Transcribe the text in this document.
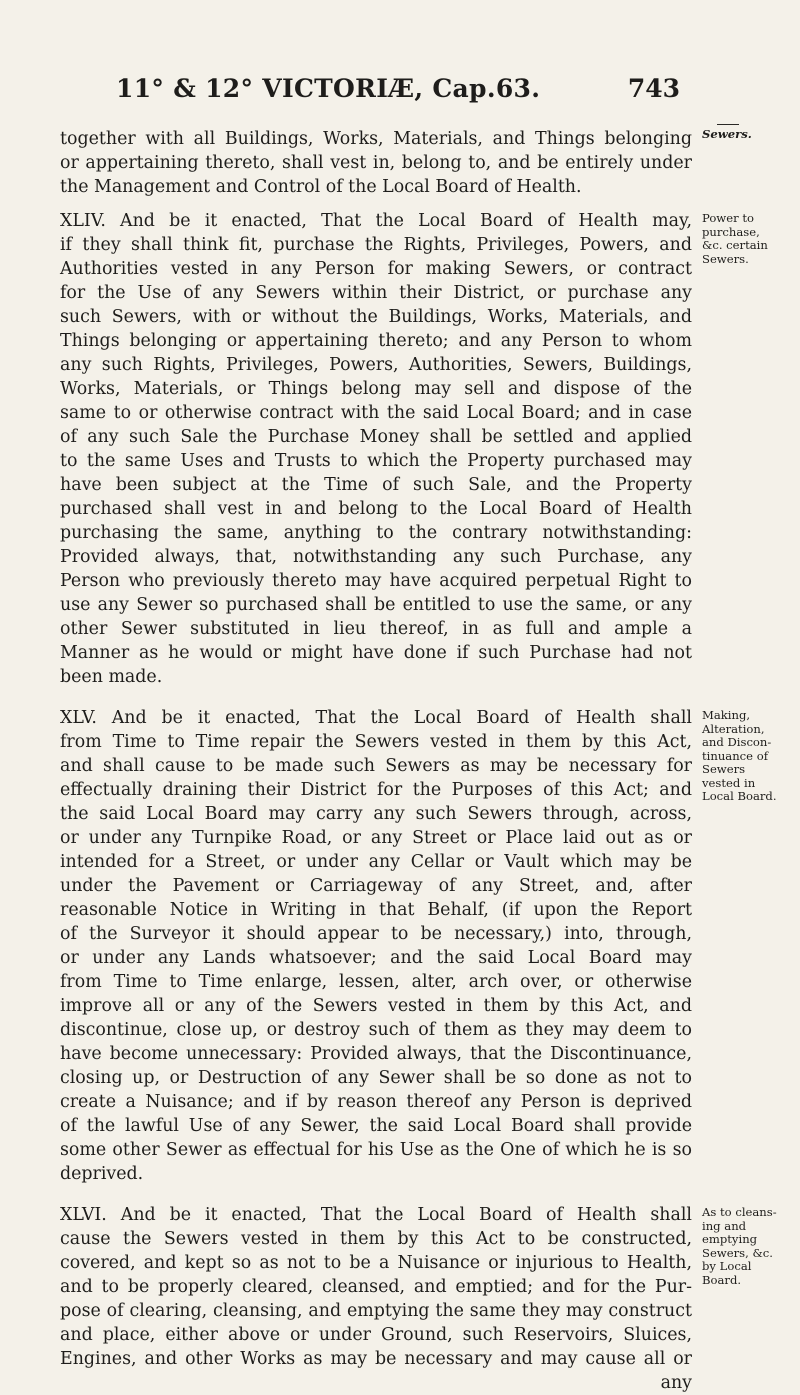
11° & 12° VICTORIÆ, Cap.63.	743
together with all Buildings, Works, Materials, and Things belonging
or appertaining thereto, shall vest in, belong to, and be entirely under
the Management and Control of the Local Board of Health.
XLIV. And be it enacted, That the Local Board of Health may,
if they shall think fit, purchase the Rights, Privileges, Powers, and
Authorities vested in any Person for making Sewers, or contract
for the Use of any Sewers within their District, or purchase any
such Sewers, with or without the Buildings, Works, Materials, and
Things belonging or appertaining thereto; and any Person to whom
any such Rights, Privileges, Powers, Authorities, Sewers, Buildings,
Works, Materials, or Things belong may sell and dispose of the
same to or otherwise contract with the said Local Board; and in case
of any such Sale the Purchase Money shall be settled and applied
to the same Uses and Trusts to which the Property purchased may
have been subject at the Time of such Sale, and the Property
purchased shall vest in and belong to the Local Board of Health
purchasing the same, anything to the contrary notwithstanding:
Provided always, that, notwithstanding any such Purchase, any
Person who previously thereto may have acquired perpetual Right to
use any Sewer so purchased shall be entitled to use the same, or any
other Sewer substituted in lieu thereof, in as full and ample a
Manner as he would or might have done if such Purchase had not
been made.
XLV. And be it enacted, That the Local Board of Health shall
from Time to Time repair the Sewers vested in them by this Act,
and shall cause to be made such Sewers as may be necessary for
effectually draining their District for the Purposes of this Act; and
the said Local Board may carry any such Sewers through, across,
or under any Turnpike Road, or any Street or Place laid out as or
intended for a Street, or under any Cellar or Vault which may be
under the Pavement or Carriageway of any Street, and, after
reasonable Notice in Writing in that Behalf, (if upon the Report
of the Surveyor it should appear to be necessary,) into, through,
or under any Lands whatsoever; and the said Local Board may
from Time to Time enlarge, lessen, alter, arch over, or otherwise
improve all or any of the Sewers vested in them by this Act, and
discontinue, close up, or destroy such of them as they may deem to
have become unnecessary: Provided always, that the Discontinuance,
closing up, or Destruction of any Sewer shall be so done as not to
create a Nuisance; and if by reason thereof any Person is deprived
of the lawful Use of any Sewer, the said Local Board shall provide
some other Sewer as effectual for his Use as the One of which he is so
deprived.
XLVI. And be it enacted, That the Local Board of Health shall
cause the Sewers vested in them by this Act to be constructed,
covered, and kept so as not to be a Nuisance or injurious to Health,
and to be properly cleared, cleansed, and emptied; and for the Pur-
pose of clearing, cleansing, and emptying the same they may construct
and place, either above or under Ground, such Reservoirs, Sluices,
Engines, and other Works as may be necessary and may cause all or
any
Sewers.
Power to
purchase,
&c. certain
Sewers.
Making,
Alteration,
and Discon-
tinuance of
Sewers
vested in
Local Board.
As to cleans-
ing and
emptying
Sewers, &c.
by Local
Board.
